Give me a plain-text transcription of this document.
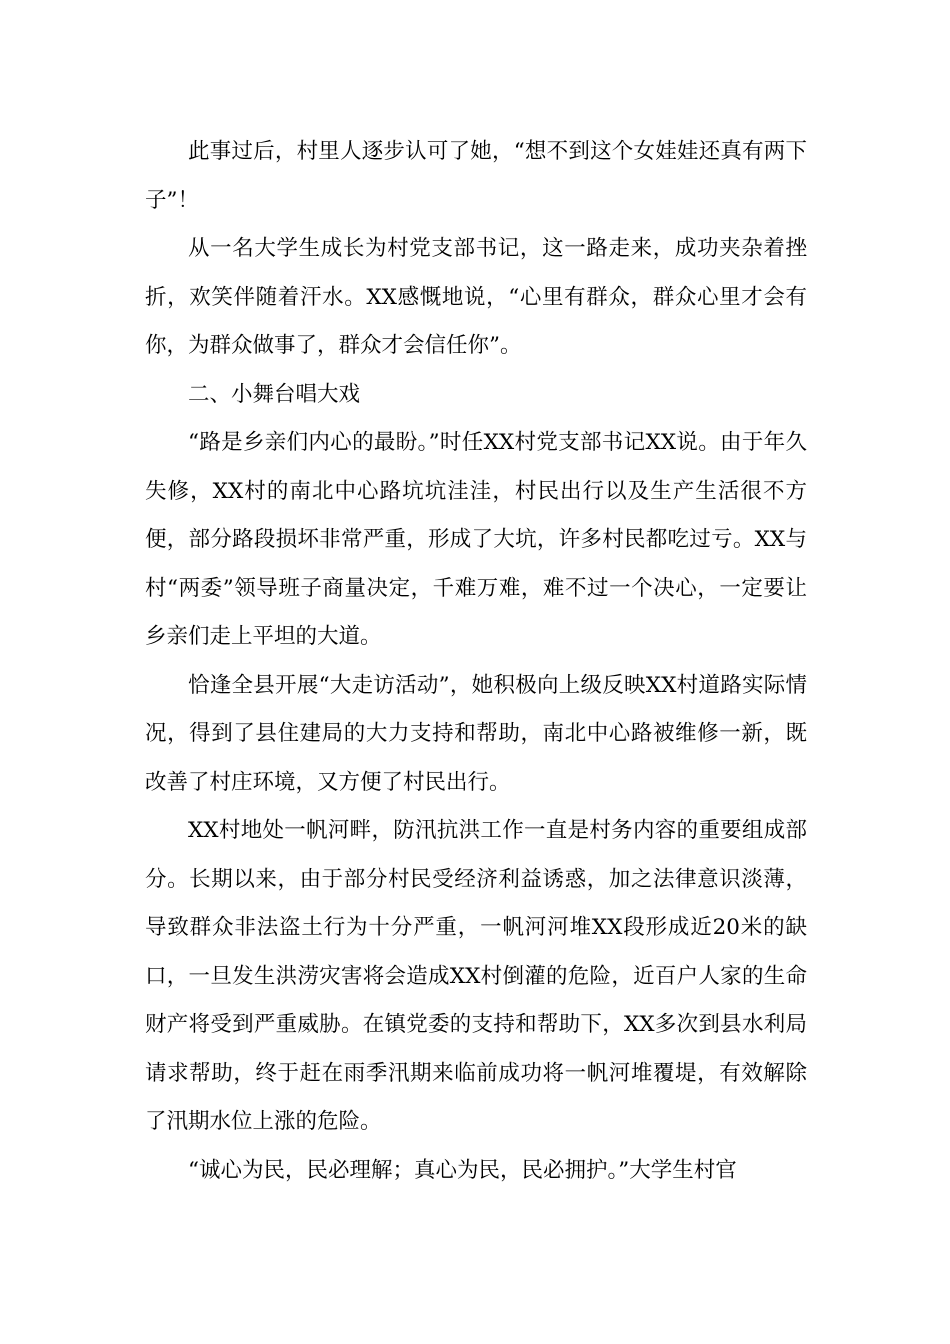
此事过后，村里人逐步认可了她，“想不到这个女娃娃还真有两下子”！

从一名大学生成长为村党支部书记，这一路走来，成功夹杂着挫折，欢笑伴随着汗水。XX感慨地说，“心里有群众，群众心里才会有你，为群众做事了，群众才会信任你”。

二、小舞台唱大戏

“路是乡亲们内心的最盼。”时任XX村党支部书记XX说。由于年久失修，XX村的南北中心路坑坑洼洼，村民出行以及生产生活很不方便，部分路段损坏非常严重，形成了大坑，许多村民都吃过亏。XX与村“两委”领导班子商量决定，千难万难，难不过一个决心，一定要让乡亲们走上平坦的大道。

恰逢全县开展“大走访活动”，她积极向上级反映XX村道路实际情况，得到了县住建局的大力支持和帮助，南北中心路被维修一新，既改善了村庄环境，又方便了村民出行。

XX村地处一帆河畔，防汛抗洪工作一直是村务内容的重要组成部分。长期以来，由于部分村民受经济利益诱惑，加之法律意识淡薄，导致群众非法盗土行为十分严重，一帆河河堆XX段形成近20米的缺口，一旦发生洪涝灾害将会造成XX村倒灌的危险，近百户人家的生命财产将受到严重威胁。在镇党委的支持和帮助下，XX多次到县水利局请求帮助，终于赶在雨季汛期来临前成功将一帆河堆覆堤，有效解除了汛期水位上涨的危险。

“诚心为民，民必理解；真心为民，民必拥护。”大学生村官
